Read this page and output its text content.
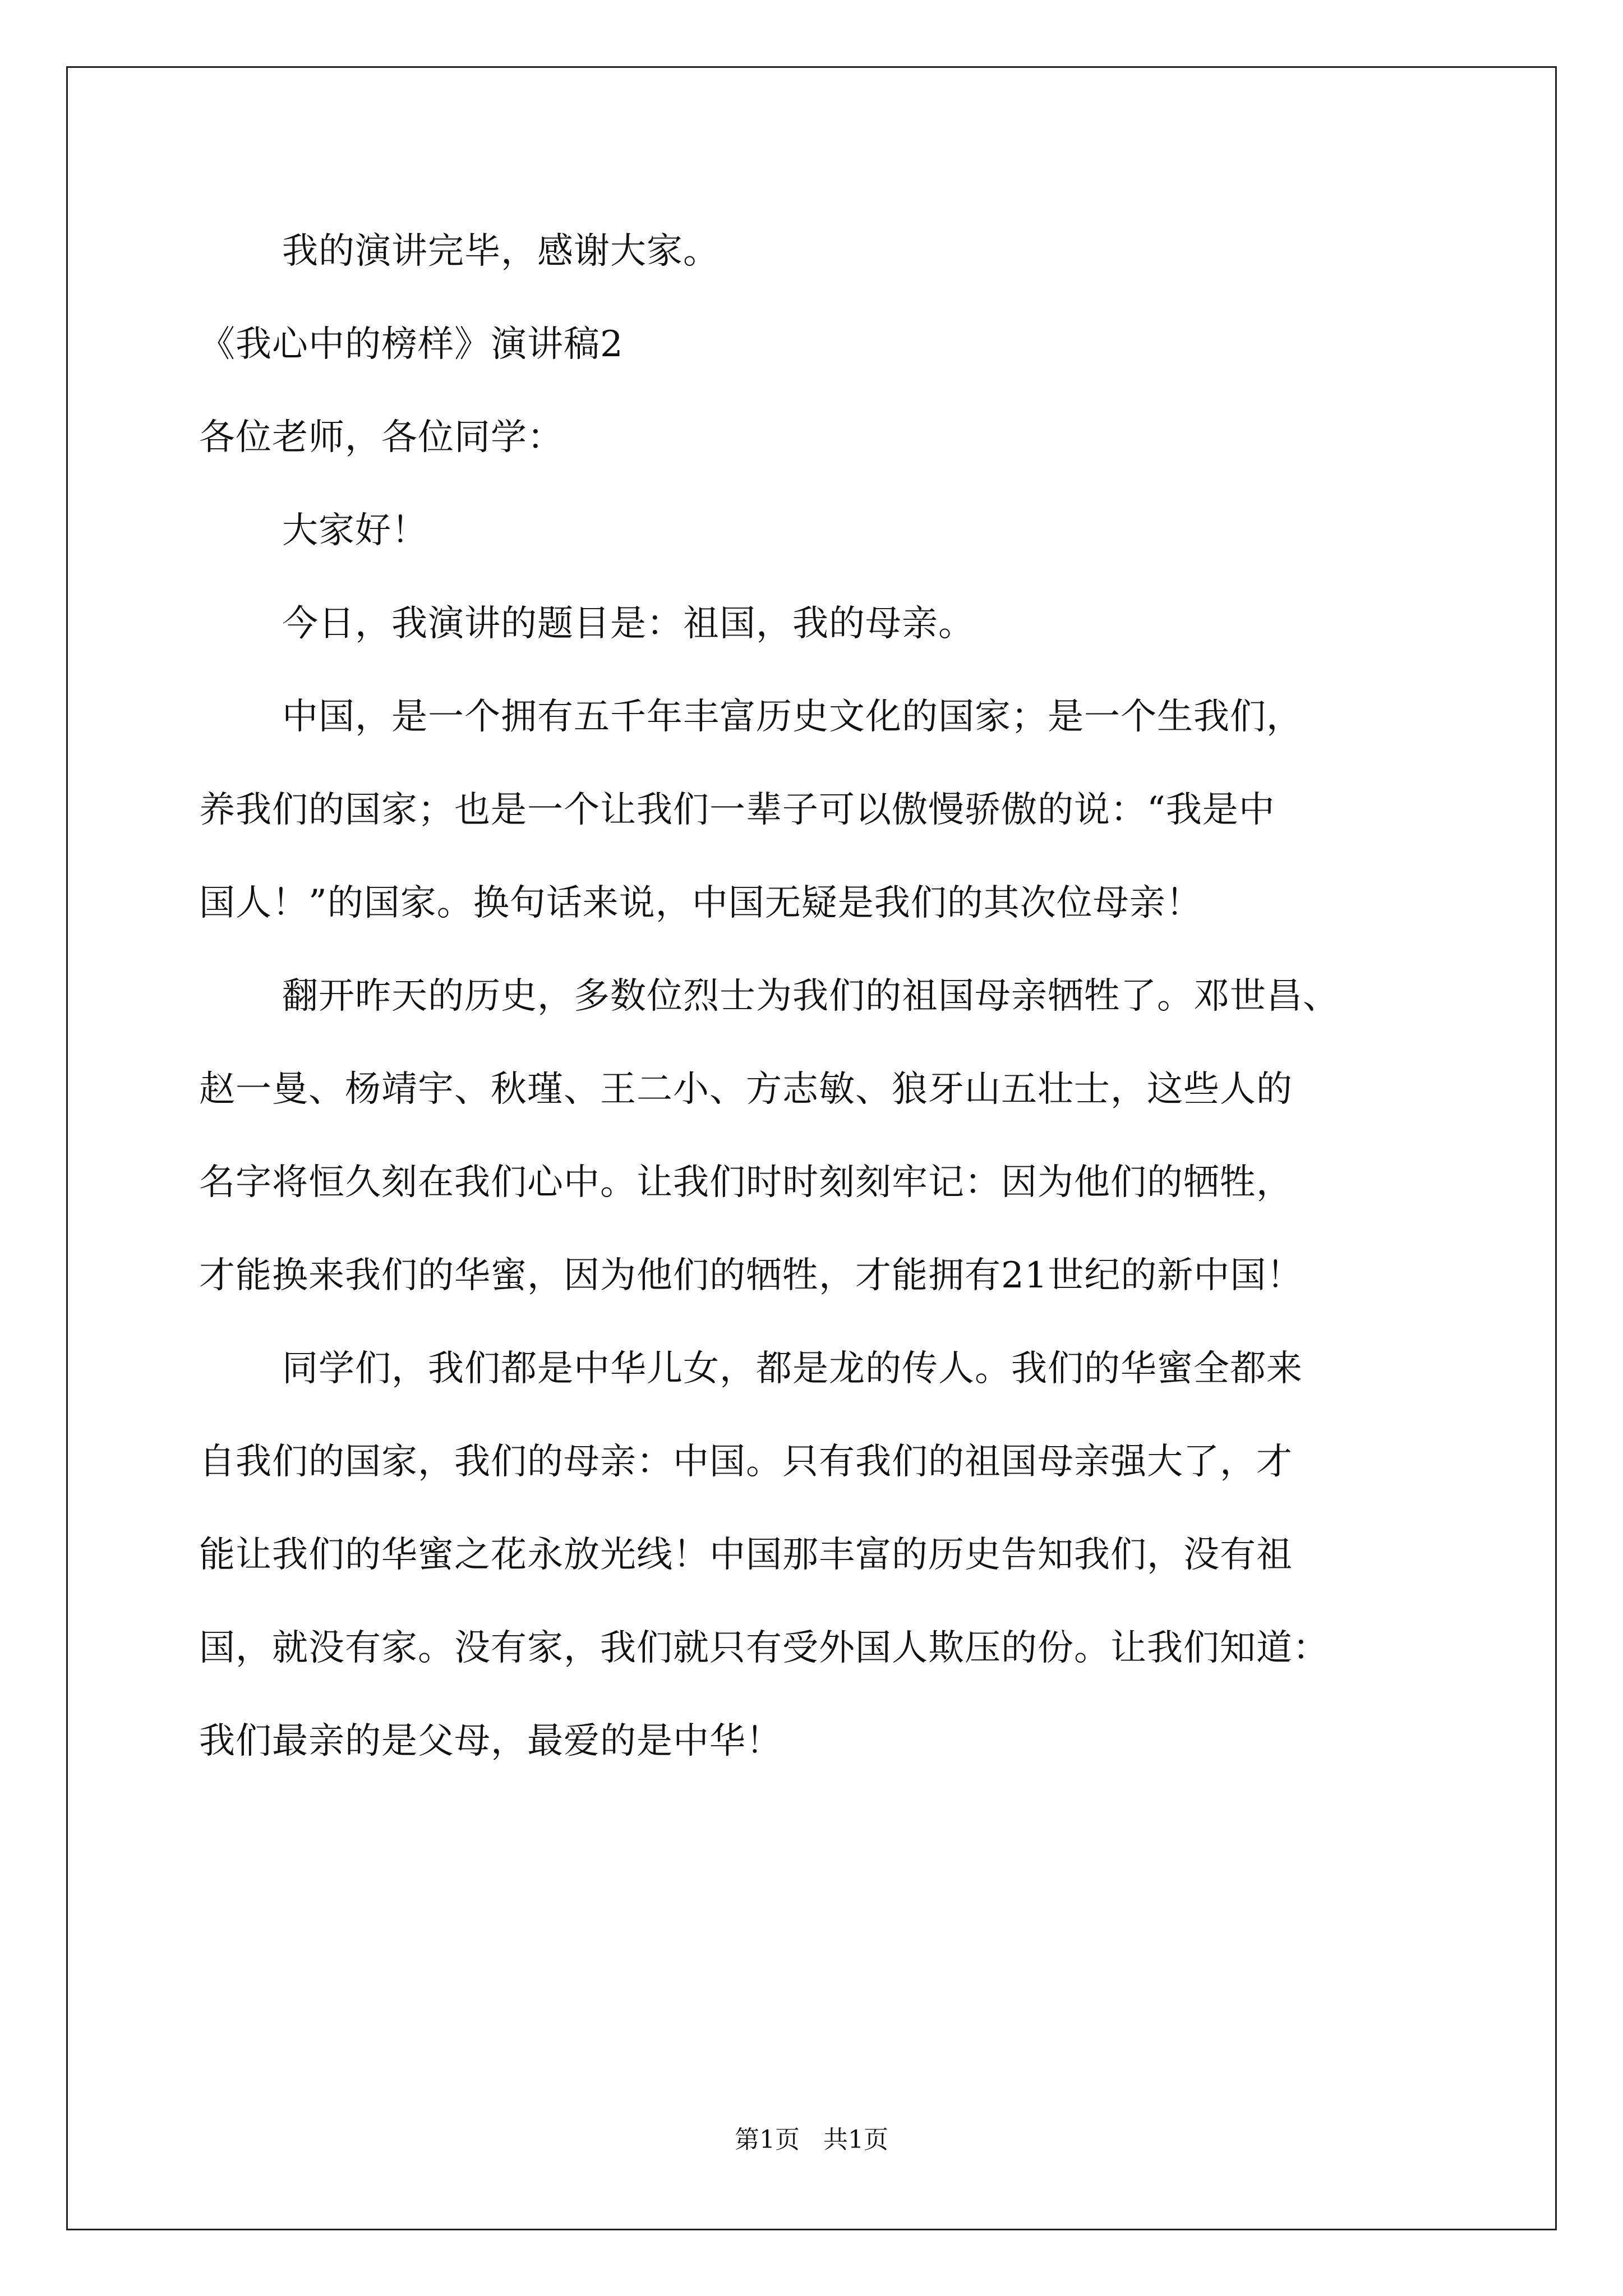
我的演讲完毕，感谢大家。
《我心中的榜样》演讲稿2
各位老师，各位同学：
大家好！
今日，我演讲的题目是：祖国，我的母亲。
中国，是一个拥有五千年丰富历史文化的国家；是一个生我们，
养我们的国家；也是一个让我们一辈子可以傲慢骄傲的说：“我是中
国人！”的国家。换句话来说，中国无疑是我们的其次位母亲！
翻开昨天的历史，多数位烈士为我们的祖国母亲牺牲了。邓世昌、
赵一曼、杨靖宇、秋瑾、王二小、方志敏、狼牙山五壮士，这些人的
名字将恒久刻在我们心中。让我们时时刻刻牢记：因为他们的牺牲，
才能换来我们的华蜜，因为他们的牺牲，才能拥有21世纪的新中国！
同学们，我们都是中华儿女，都是龙的传人。我们的华蜜全都来
自我们的国家，我们的母亲：中国。只有我们的祖国母亲强大了，才
能让我们的华蜜之花永放光线！中国那丰富的历史告知我们，没有祖
国，就没有家。没有家，我们就只有受外国人欺压的份。让我们知道：
我们最亲的是父母，最爱的是中华！
第1页   共1页
